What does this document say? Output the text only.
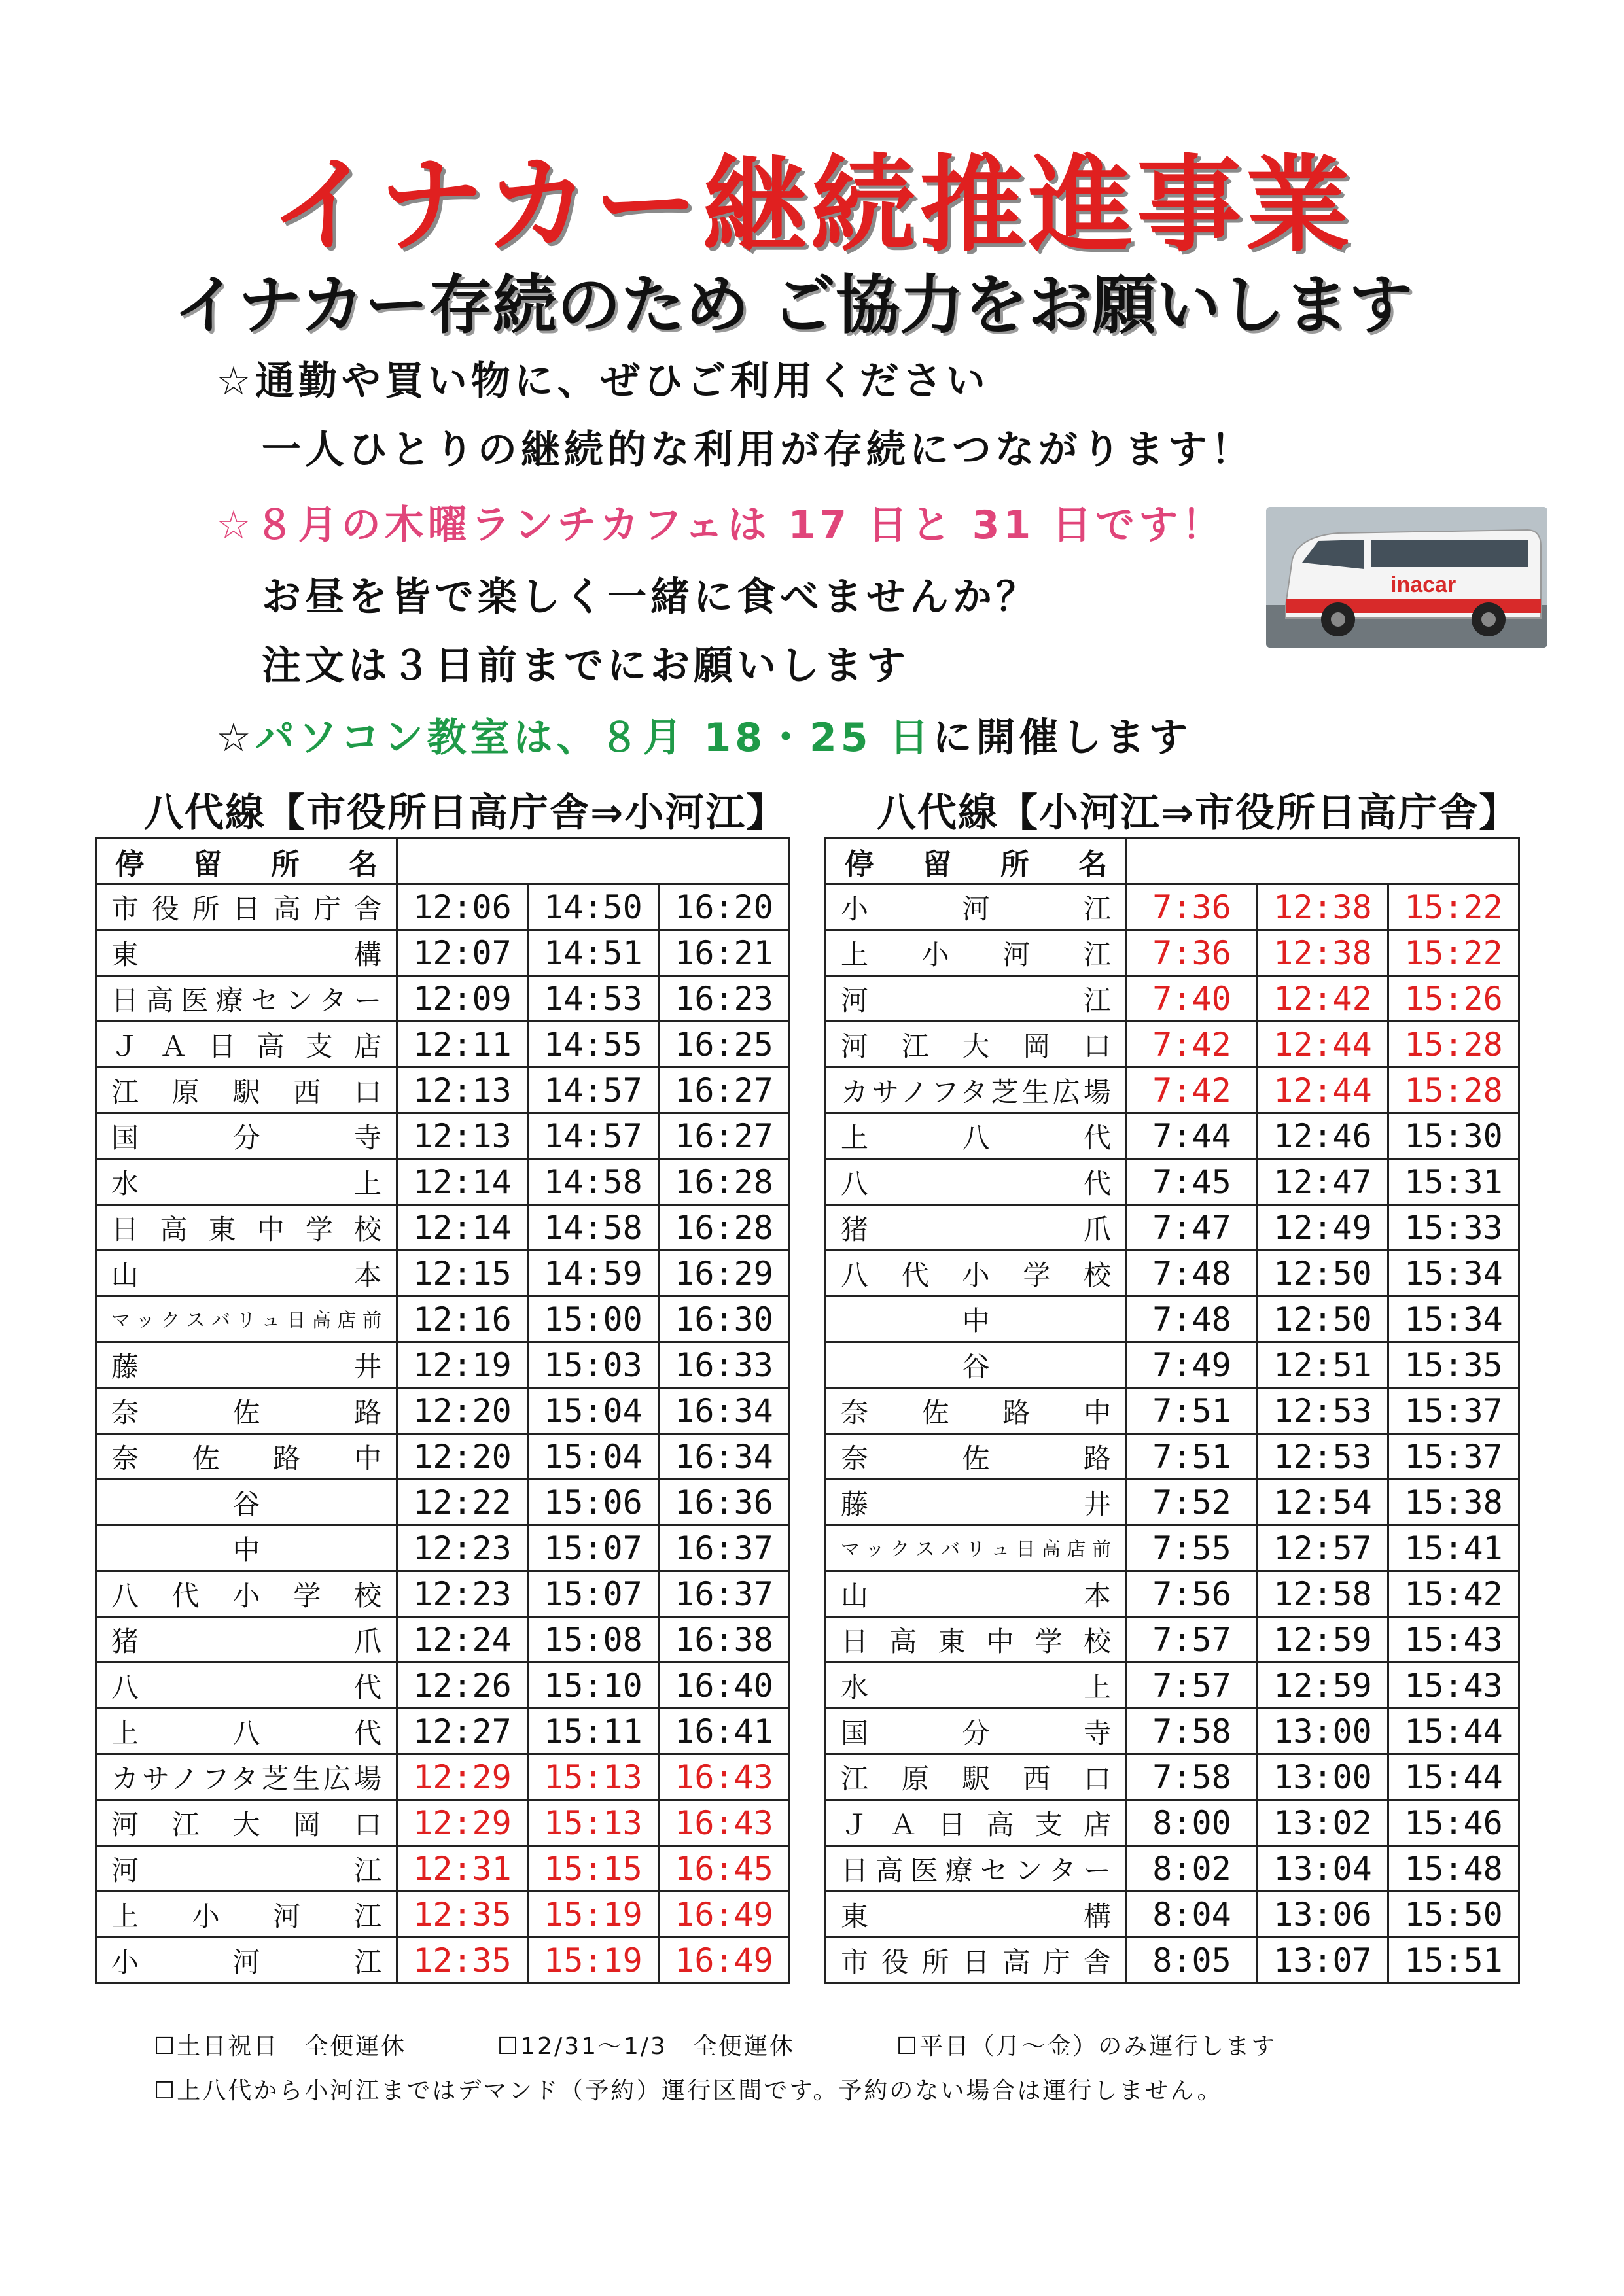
イナカー継続推進事業
イナカー存続のため ご協力をお願いします
☆通勤や買い物に、ぜひご利用ください
一人ひとりの継続的な利用が存続につながります！
☆８月の木曜ランチカフェは 17 日と 31 日です！
お昼を皆で楽しく一緒に食べませんか？
注文は３日前までにお願いします
☆パソコン教室は、８月 18・25 日に開催します
inacar
八代線【市役所日高庁舎⇒小河江】 八代線【小河江⇒市役所日高庁舎】
停　留　所　名			
市役所日高庁舎	12:06	14:50	16:20
東　　　　　構	12:07	14:51	16:21
日高医療センター	12:09	14:53	16:23
ＪＡ日高支店	12:11	14:55	16:25
江原駅西口	12:13	14:57	16:27
国　　分　　寺	12:13	14:57	16:27
水　　　　　上	12:14	14:58	16:28
日高東中学校	12:14	14:58	16:28
山　　　　　本	12:15	14:59	16:29
マックスバリュ日高店前	12:16	15:00	16:30
藤　　　　　井	12:19	15:03	16:33
奈　　佐　　路	12:20	15:04	16:34
奈　佐　路　中	12:20	15:04	16:34
谷	12:22	15:06	16:36
中	12:23	15:07	16:37
八代小学校	12:23	15:07	16:37
猪　　　　　爪	12:24	15:08	16:38
八　　　　　代	12:26	15:10	16:40
上　　八　　代	12:27	15:11	16:41
カサノフタ芝生広場	12:29	15:13	16:43
河江大岡口	12:29	15:13	16:43
河　　　　　江	12:31	15:15	16:45
上　小　河　江	12:35	15:19	16:49
小　　河　　江	12:35	15:19	16:49
停　留　所　名			
小　　河　　江	7:36	12:38	15:22
上　小　河　江	7:36	12:38	15:22
河　　　　　江	7:40	12:42	15:26
河江大岡口	7:42	12:44	15:28
カサノフタ芝生広場	7:42	12:44	15:28
上　　八　　代	7:44	12:46	15:30
八　　　　　代	7:45	12:47	15:31
猪　　　　　爪	7:47	12:49	15:33
八代小学校	7:48	12:50	15:34
中	7:48	12:50	15:34
谷	7:49	12:51	15:35
奈　佐　路　中	7:51	12:53	15:37
奈　　佐　　路	7:51	12:53	15:37
藤　　　　　井	7:52	12:54	15:38
マックスバリュ日高店前	7:55	12:57	15:41
山　　　　　本	7:56	12:58	15:42
日高東中学校	7:57	12:59	15:43
水　　　　　上	7:57	12:59	15:43
国　　分　　寺	7:58	13:00	15:44
江原駅西口	7:58	13:00	15:44
ＪＡ日高支店	8:00	13:02	15:46
日高医療センター	8:02	13:04	15:48
東　　　　　構	8:04	13:06	15:50
市役所日高庁舎	8:05	13:07	15:51
☐土日祝日　全便運休	☐12/31～1/3　全便運休	☐平日（月～金）のみ運行します
☐上八代から小河江まではデマンド（予約）運行区間です。予約のない場合は運行しません。
